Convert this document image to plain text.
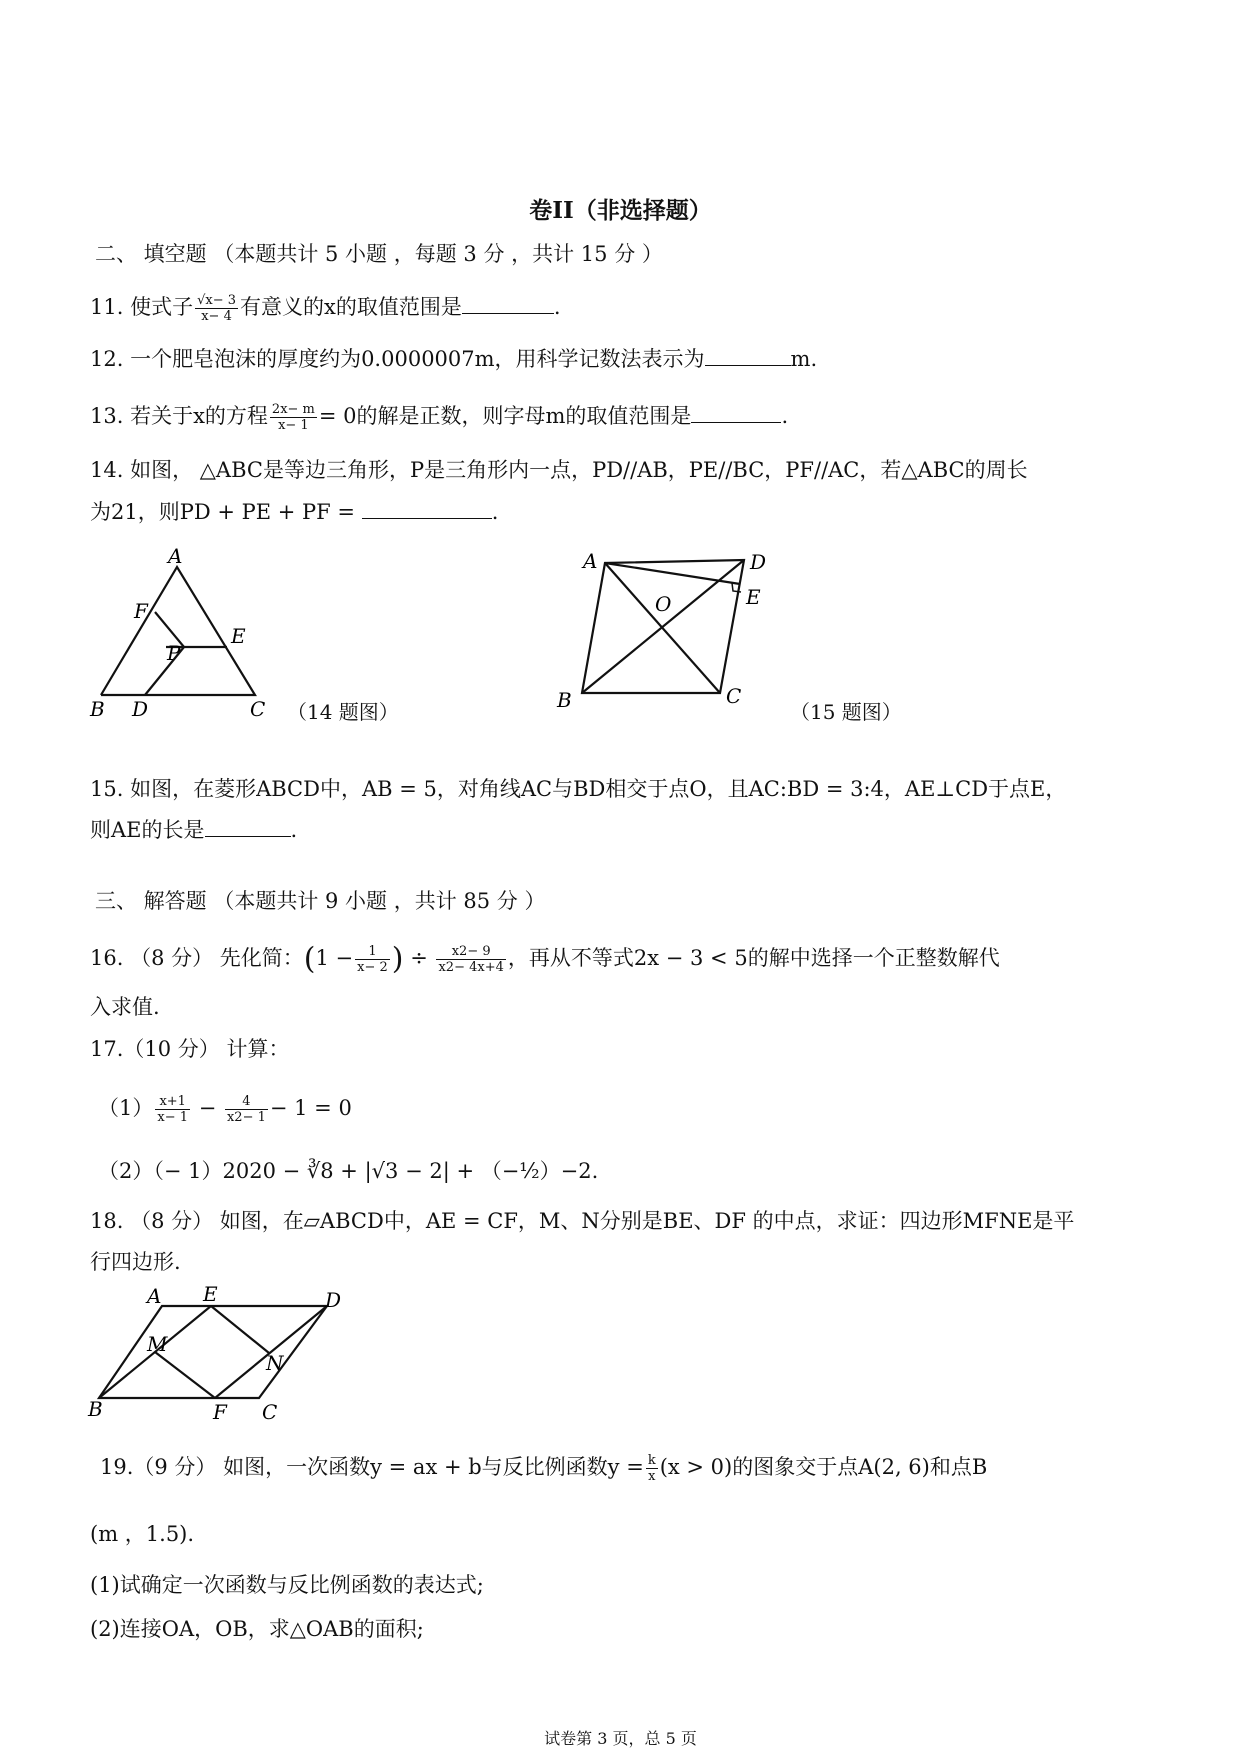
卷II（非选择题）
二、 填空题 （本题共计 5 小题 ，每题 3 分 ，共计 15 分 ）
11. 使式子 $\frac{√x- 3}{x- 4}$ 有意义的x的取值范围是	.
12. 一个肥皂泡沫的厚度约为0.0000007m，用科学记数法表示为	m.
13. 若关于x的方程 $\frac{2x- m}{x- 1} = 0$的解是正数，则字母m的取值范围是	.
14. 如图， △ABC是等边三角形，P是三角形内一点，PD//AB，PE//BC，PF//AC，若△ABC的周长
为21，则PD + PE + PF =	.
A
F
E
P
B D	C （14 题图）
A	D
E
O
B	C
（15 题图）
15. 如图，在菱形ABCD中，AB = 5，对角线AC与BD相交于点O，且AC:BD = 3:4，AE⊥CD于点E，
则AE的长是	.
三、 解答题 （本题共计 9 小题 ，共计 85 分 ）
16. （8 分） 先化简：($1 - \frac{1}{x- 2}$ ) ÷ $\frac{x2- 9}{x2- 4x+4}$ ，再从不等式2x − 3 < 5的解中选择一个正整数解代
入求值.
17.（10 分） 计算：
$(1) \frac{x+1}{x- 1} - \frac{4}{x2- 1} - 1 = 0$
（2）（− 1）2020 − ∛8 + |√3 − 2| + （−½）−2.
18. （8 分） 如图，在▱ABCD中，AE = CF，M、N分别是BE、DF 的中点，求证：四边形MFNE是平
行四边形.
A E	D
M
N
B	F C
19.（9 分） 如图，一次函数y = ax + b与反比例函数$y = \frac{k}{x} (x > 0)$的图象交于点A(2, 6)和点B
(m ，1.5).
(1)试确定一次函数与反比例函数的表达式;
(2)连接OA，OB，求△OAB的面积;
试卷第 3 页，总 5 页
